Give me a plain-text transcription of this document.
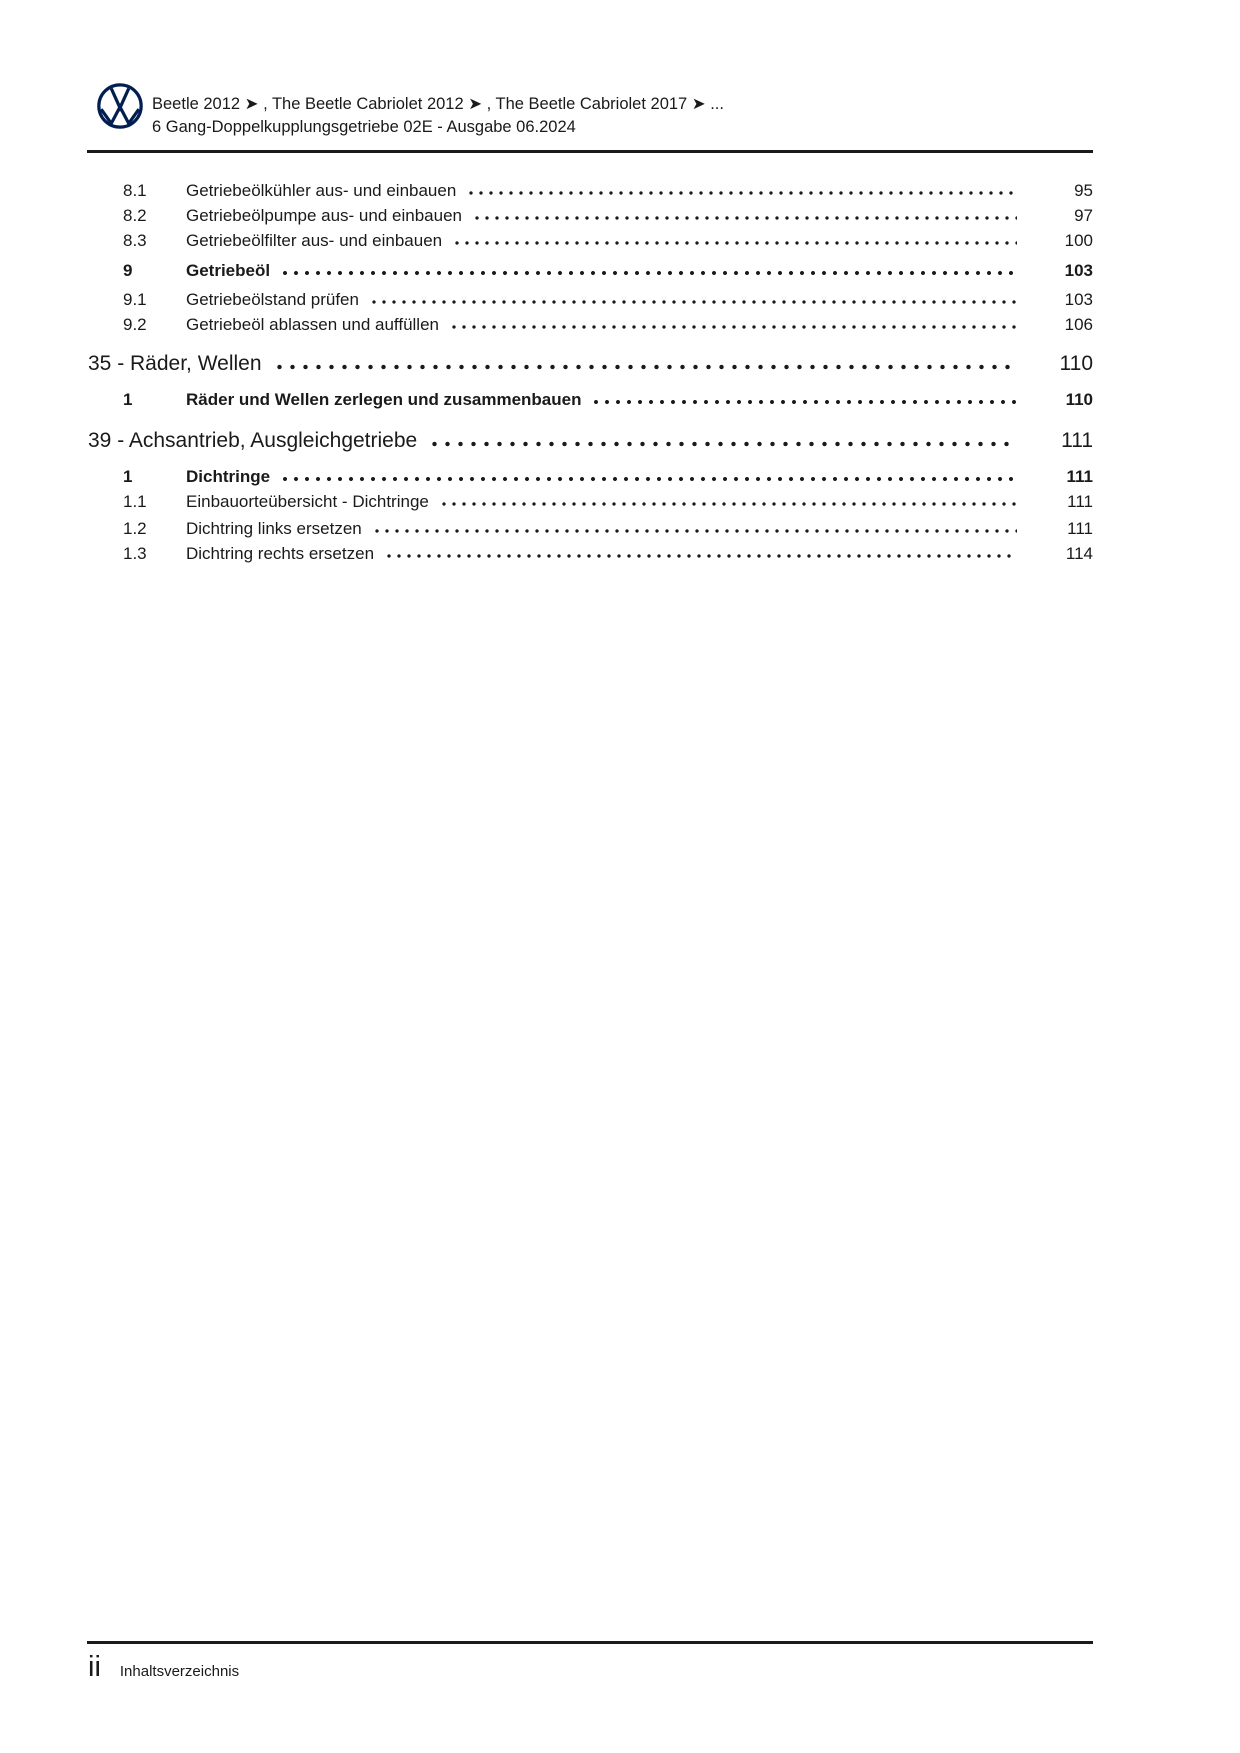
Beetle 2012 ➤ , The Beetle Cabriolet 2012 ➤ , The Beetle Cabriolet 2017 ➤ ...
6 Gang-Doppelkupplungsgetriebe 02E - Ausgabe 06.2024
8.1	Getriebeölkühler aus- und einbauen	95
8.2	Getriebeölpumpe aus- und einbauen	97
8.3	Getriebeölfilter aus- und einbauen	100
9	Getriebeöl	103
9.1	Getriebeölstand prüfen	103
9.2	Getriebeöl ablassen und auffüllen	106
35 - Räder, Wellen	110
1	Räder und Wellen zerlegen und zusammenbauen	110
39 - Achsantrieb, Ausgleichgetriebe	111
1	Dichtringe	111
1.1	Einbauorteübersicht - Dichtringe	111
1.2	Dichtring links ersetzen	111
1.3	Dichtring rechts ersetzen	114
ii Inhaltsverzeichnis
